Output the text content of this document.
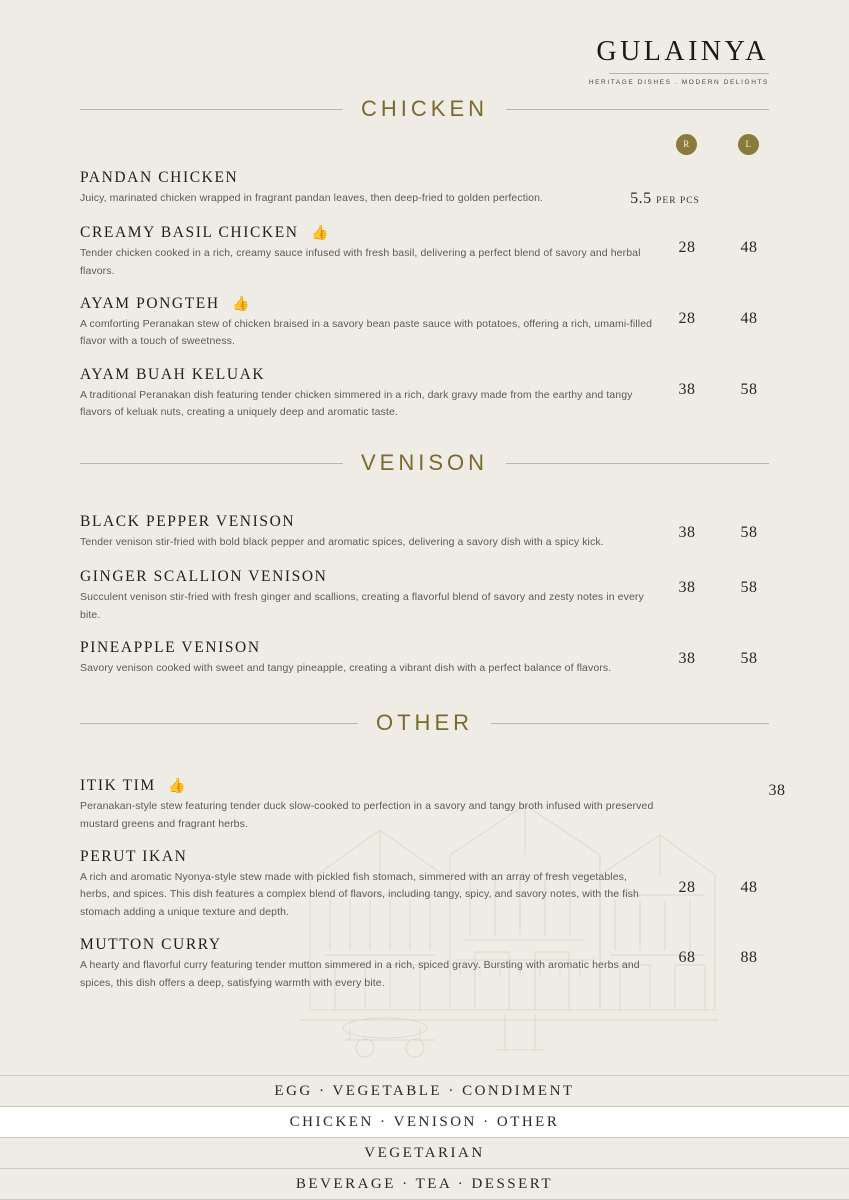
GULAINYA
HERITAGE DISHES . MODERN DELIGHTS
CHICKEN
R	L
PANDAN CHICKEN
Juicy, marinated chicken wrapped in fragrant pandan leaves, then deep-fried to golden perfection.	5.5 PER PCS
CREAMY BASIL CHICKEN 👍
Tender chicken cooked in a rich, creamy sauce infused with fresh basil, delivering a perfect blend of savory and herbal flavors.
28	48
AYAM PONGTEH 👍
A comforting Peranakan stew of chicken braised in a savory bean paste sauce with potatoes, offering a rich, umami-filled flavor with a touch of sweetness.
28	48
AYAM BUAH KELUAK
A traditional Peranakan dish featuring tender chicken simmered in a rich, dark gravy made from the earthy and tangy flavors of keluak nuts, creating a uniquely deep and aromatic taste.
38	58
VENISON
BLACK PEPPER VENISON
Tender venison stir-fried with bold black pepper and aromatic spices, delivering a savory dish with a spicy kick.
38	58
GINGER SCALLION VENISON
Succulent venison stir-fried with fresh ginger and scallions, creating a flavorful blend of savory and zesty notes in every bite.
38	58
PINEAPPLE VENISON
Savory venison cooked with sweet and tangy pineapple, creating a vibrant dish with a perfect balance of flavors.
38	58
OTHER
ITIK TIM 👍
Peranakan-style stew featuring tender duck slow-cooked to perfection in a savory and tangy broth infused with preserved mustard greens and fragrant herbs.
38
PERUT IKAN
A rich and aromatic Nyonya-style stew made with pickled fish stomach, simmered with an array of fresh vegetables, herbs, and spices. This dish features a complex blend of flavors, including tangy, spicy, and savory notes, with the fish stomach adding a unique texture and depth.
28	48
MUTTON CURRY
A hearty and flavorful curry featuring tender mutton simmered in a rich, spiced gravy. Bursting with aromatic herbs and spices, this dish offers a deep, satisfying warmth with every bite.
68	88
EGG · VEGETABLE · CONDIMENT
CHICKEN · VENISON · OTHER
VEGETARIAN
BEVERAGE · TEA · DESSERT
